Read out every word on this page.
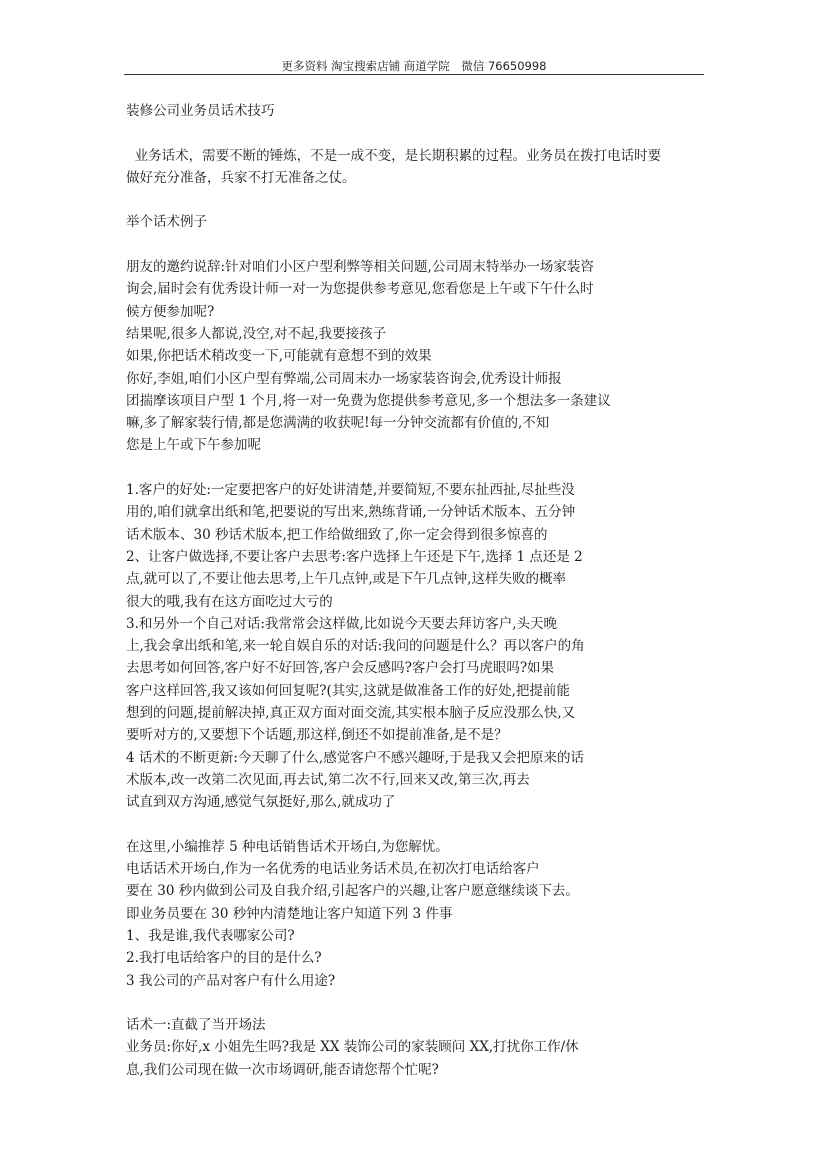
更多资料 淘宝搜索店铺 商道学院　微信 76650998
装修公司业务员话术技巧
业务话术，需要不断的锤炼，不是一成不变，是长期积累的过程。业务员在拨打电话时要
做好充分准备，兵家不打无准备之仗。
举个话术例子
朋友的邀约说辞:针对咱们小区户型利弊等相关问题,公司周末特举办一场家装咨
询会,届时会有优秀设计师一对一为您提供参考意见,您看您是上午或下午什么时
候方便参加呢?
结果呢,很多人都说,没空,对不起,我要接孩子
如果,你把话术稍改变一下,可能就有意想不到的效果
你好,李姐,咱们小区户型有弊端,公司周末办一场家装咨询会,优秀设计师报
团揣摩该项目户型 1 个月,将一对一免费为您提供参考意见,多一个想法多一条建议
嘛,多了解家装行情,都是您满满的收获呢!每一分钟交流都有价值的,不知
您是上午或下午参加呢
1.客户的好处:一定要把客户的好处讲清楚,并要简短,不要东扯西扯,尽扯些没
用的,咱们就拿出纸和笔,把要说的写出来,熟练背诵,一分钟话术版本、五分钟
话术版本、30 秒话术版本,把工作给做细致了,你一定会得到很多惊喜的
2、让客户做选择,不要让客户去思考:客户选择上午还是下午,选择 1 点还是 2
点,就可以了,不要让他去思考,上午几点钟,或是下午几点钟,这样失败的概率
很大的哦,我有在这方面吃过大亏的
3.和另外一个自己对话:我常常会这样做,比如说今天要去拜访客户,头天晚
上,我会拿出纸和笔,来一轮自娱自乐的对话:我问的问题是什么？再以客户的角
去思考如何回答,客户好不好回答,客户会反感吗?客户会打马虎眼吗?如果
客户这样回答,我又该如何回复呢?(其实,这就是做准备工作的好处,把提前能
想到的问题,提前解决掉,真正双方面对面交流,其实根本脑子反应没那么快,又
要听对方的,又要想下个话题,那这样,倒还不如提前准备,是不是？
4 话术的不断更新:今天聊了什么,感觉客户不感兴趣呀,于是我又会把原来的话
术版本,改一改第二次见面,再去试,第二次不行,回来又改,第三次,再去
试直到双方沟通,感觉气氛挺好,那么,就成功了
在这里,小编推荐 5 种电话销售话术开场白,为您解忧。
电话话术开场白,作为一名优秀的电话业务话术员,在初次打电话给客户
要在 30 秒内做到公司及自我介绍,引起客户的兴趣,让客户愿意继续谈下去。
即业务员要在 30 秒钟内清楚地让客户知道下列 3 件事
1、我是谁,我代表哪家公司?
2.我打电话给客户的目的是什么?
3 我公司的产品对客户有什么用途?
话术一:直截了当开场法
业务员:你好,x 小姐先生吗?我是 XX 装饰公司的家装顾问 XX,打扰你工作/休
息,我们公司现在做一次市场调研,能否请您帮个忙呢?
